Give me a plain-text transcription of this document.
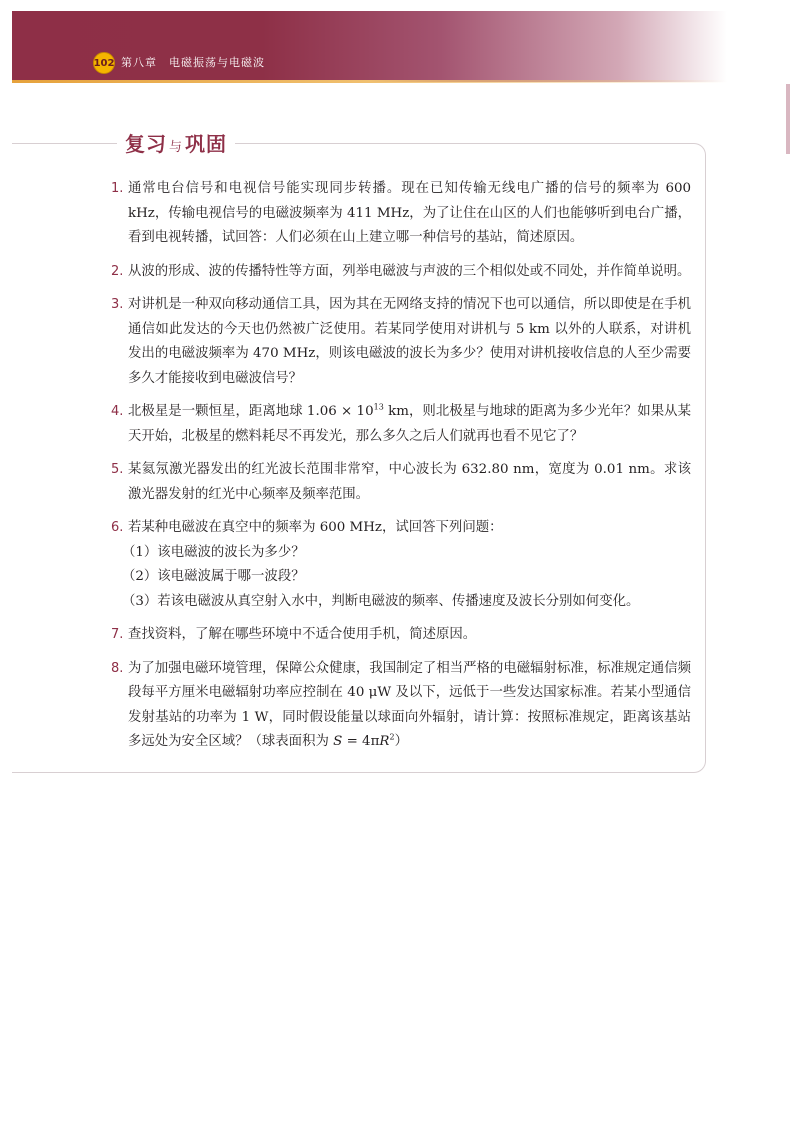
102 第八章 电磁振荡与电磁波
复习 与 巩固
1. 通常电台信号和电视信号能实现同步转播。现在已知传输无线电广播的信号的频率为 600 kHz，传输电视信号的电磁波频率为 411 MHz，为了让住在山区的人们也能够听到电台广播，看到电视转播，试回答：人们必须在山上建立哪一种信号的基站，简述原因。
2. 从波的形成、波的传播特性等方面，列举电磁波与声波的三个相似处或不同处，并作简单说明。
3. 对讲机是一种双向移动通信工具，因为其在无网络支持的情况下也可以通信，所以即使是在手机通信如此发达的今天也仍然被广泛使用。若某同学使用对讲机与 5 km 以外的人联系，对讲机发出的电磁波频率为 470 MHz，则该电磁波的波长为多少？使用对讲机接收信息的人至少需要多久才能接收到电磁波信号？
4. 北极星是一颗恒星，距离地球 $1.06 \times 10^{13}$ km，则北极星与地球的距离为多少光年？如果从某天开始，北极星的燃料耗尽不再发光，那么多久之后人们就再也看不见它了？
5. 某氦氖激光器发出的红光波长范围非常窄，中心波长为 632.80 nm，宽度为 0.01 nm。求该激光器发射的红光中心频率及频率范围。
6. 若某种电磁波在真空中的频率为 600 MHz，试回答下列问题：
（1）该电磁波的波长为多少？
（2）该电磁波属于哪一波段？
（3）若该电磁波从真空射入水中，判断电磁波的频率、传播速度及波长分别如何变化。
7. 查找资料，了解在哪些环境中不适合使用手机，简述原因。
8. 为了加强电磁环境管理，保障公众健康，我国制定了相当严格的电磁辐射标准，标准规定通信频段每平方厘米电磁辐射功率应控制在 40 μW 及以下，远低于一些发达国家标准。若某小型通信发射基站的功率为 1 W，同时假设能量以球面向外辐射，请计算：按照标准规定，距离该基站多远处为安全区域？（球表面积为 $S = 4\pi R^2$）
